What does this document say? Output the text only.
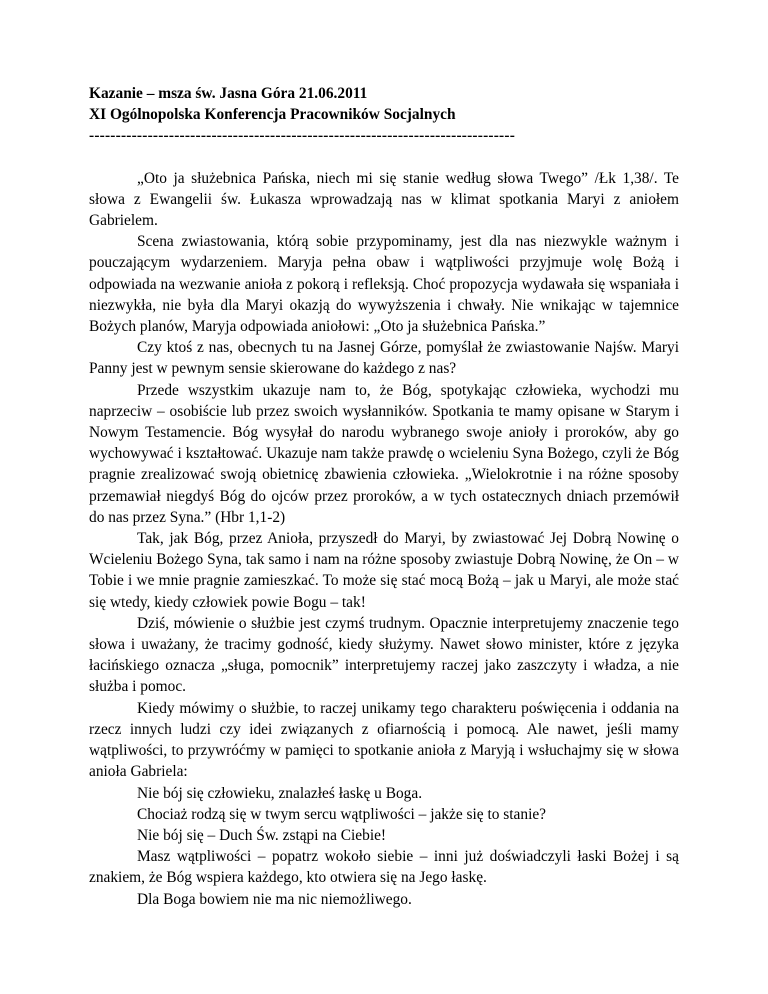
Kazanie – msza św. Jasna Góra 21.06.2011

XI Ogólnopolska Konferencja Pracowników Socjalnych

--------------------------------------------------------------------------------

„Oto ja służebnica Pańska, niech mi się stanie według słowa Twego” /Łk 1,38/. Te słowa z Ewangelii św. Łukasza wprowadzają nas w klimat spotkania Maryi z aniołem Gabrielem.

Scena zwiastowania, którą sobie przypominamy, jest dla nas niezwykle ważnym i pouczającym wydarzeniem. Maryja pełna obaw i wątpliwości przyjmuje wolę Bożą i odpowiada na wezwanie anioła z pokorą i refleksją. Choć propozycja wydawała się wspaniała i niezwykła, nie była dla Maryi okazją do wywyższenia i chwały. Nie wnikając w tajemnice Bożych planów, Maryja odpowiada aniołowi: „Oto ja służebnica Pańska.”

Czy ktoś z nas, obecnych tu na Jasnej Górze, pomyślał że zwiastowanie Najśw. Maryi Panny jest w pewnym sensie skierowane do każdego z nas?

Przede wszystkim ukazuje nam to, że Bóg, spotykając człowieka, wychodzi mu naprzeciw – osobiście lub przez swoich wysłanników. Spotkania te mamy opisane w Starym i Nowym Testamencie. Bóg wysyłał do narodu wybranego swoje anioły i proroków, aby go wychowywać i kształtować. Ukazuje nam także prawdę o wcieleniu Syna Bożego, czyli że Bóg pragnie zrealizować swoją obietnicę zbawienia człowieka. „Wielokrotnie i na różne sposoby przemawiał niegdyś Bóg do ojców przez proroków, a w tych ostatecznych dniach przemówił do nas przez Syna.” (Hbr 1,1-2)

Tak, jak Bóg, przez Anioła, przyszedł do Maryi, by zwiastować Jej Dobrą Nowinę o Wcieleniu Bożego Syna, tak samo i nam na różne sposoby zwiastuje Dobrą Nowinę, że On – w Tobie i we mnie pragnie zamieszkać. To może się stać mocą Bożą – jak u Maryi, ale może stać się wtedy, kiedy człowiek powie Bogu – tak!

Dziś, mówienie o służbie jest czymś trudnym. Opacznie interpretujemy znaczenie tego słowa i uważany, że tracimy godność, kiedy służymy. Nawet słowo minister, które z języka łacińskiego oznacza „sługa, pomocnik” interpretujemy raczej jako zaszczyty i władza, a nie służba i pomoc.

Kiedy mówimy o służbie, to raczej unikamy tego charakteru poświęcenia i oddania na rzecz innych ludzi czy idei związanych z ofiarnością i pomocą. Ale nawet, jeśli mamy wątpliwości, to przywróćmy w pamięci to spotkanie anioła z Maryją i wsłuchajmy się w słowa anioła Gabriela:

Nie bój się człowieku, znalazłeś łaskę u Boga.

Chociaż rodzą się w twym sercu wątpliwości – jakże się to stanie?

Nie bój się – Duch Św. zstąpi na Ciebie!

Masz wątpliwości – popatrz wokoło siebie – inni już doświadczyli łaski Bożej i są znakiem, że Bóg wspiera każdego, kto otwiera się na Jego łaskę.

Dla Boga bowiem nie ma nic niemożliwego.
